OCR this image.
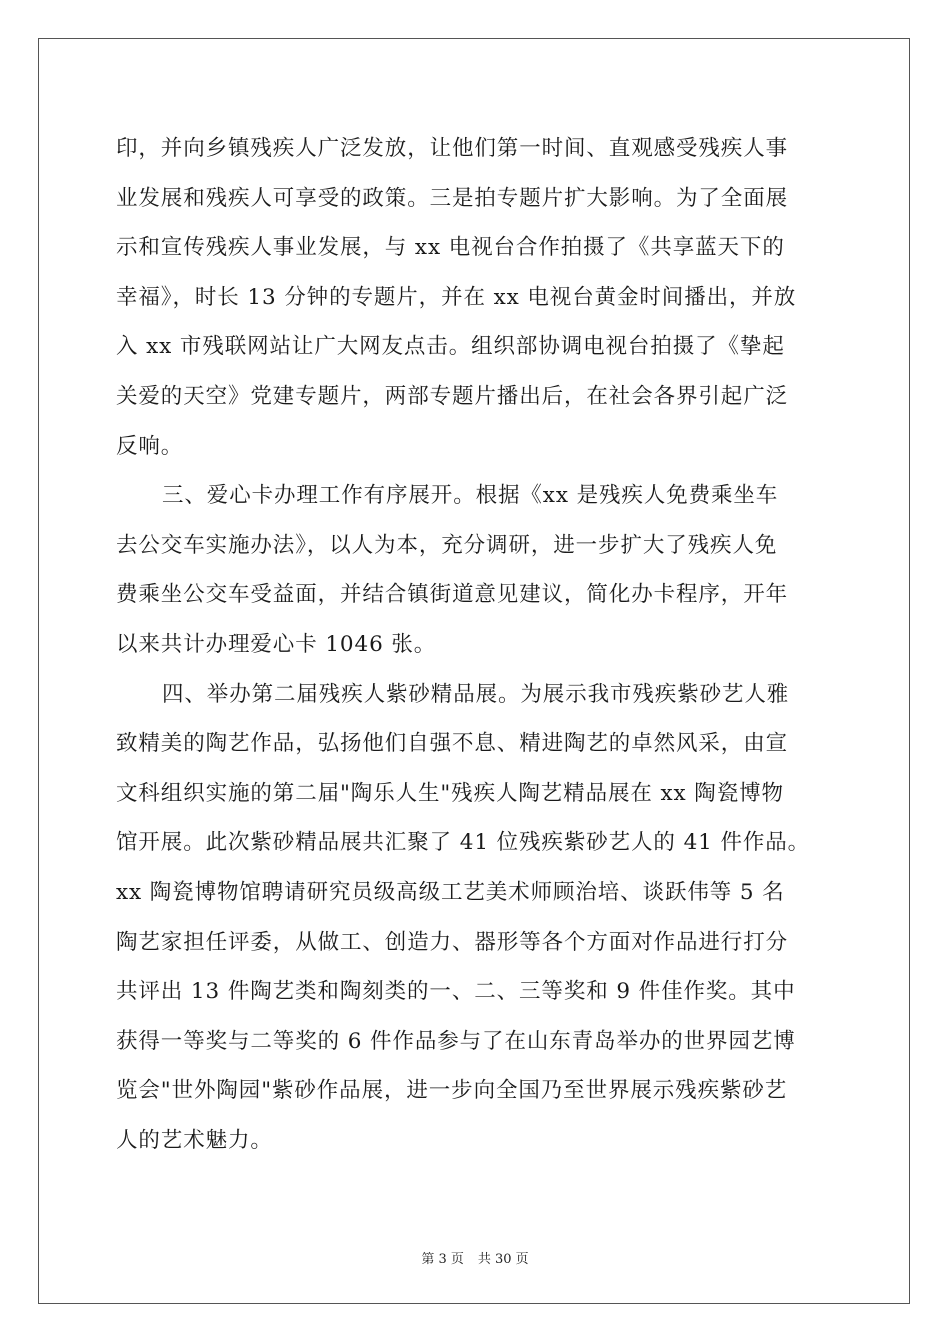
印，并向乡镇残疾人广泛发放，让他们第一时间、直观感受残疾人事
业发展和残疾人可享受的政策。三是拍专题片扩大影响。为了全面展
示和宣传残疾人事业发展，与 xx 电视台合作拍摄了《共享蓝天下的
幸福》，时长 13 分钟的专题片，并在 xx 电视台黄金时间播出，并放
入 xx 市残联网站让广大网友点击。组织部协调电视台拍摄了《挚起
关爱的天空》党建专题片，两部专题片播出后，在社会各界引起广泛
反响。
三、爱心卡办理工作有序展开。根据《xx 是残疾人免费乘坐车
去公交车实施办法》，以人为本，充分调研，进一步扩大了残疾人免
费乘坐公交车受益面，并结合镇街道意见建议，简化办卡程序，开年
以来共计办理爱心卡 1046 张。
四、举办第二届残疾人紫砂精品展。为展示我市残疾紫砂艺人雅
致精美的陶艺作品，弘扬他们自强不息、精进陶艺的卓然风采，由宣
文科组织实施的第二届"陶乐人生"残疾人陶艺精品展在 xx 陶瓷博物
馆开展。此次紫砂精品展共汇聚了 41 位残疾紫砂艺人的 41 件作品。
xx 陶瓷博物馆聘请研究员级高级工艺美术师顾治培、谈跃伟等 5 名
陶艺家担任评委，从做工、创造力、器形等各个方面对作品进行打分
共评出 13 件陶艺类和陶刻类的一、二、三等奖和 9 件佳作奖。其中
获得一等奖与二等奖的 6 件作品参与了在山东青岛举办的世界园艺博
览会"世外陶园"紫砂作品展，进一步向全国乃至世界展示残疾紫砂艺
人的艺术魅力。
第 3 页 共 30 页
